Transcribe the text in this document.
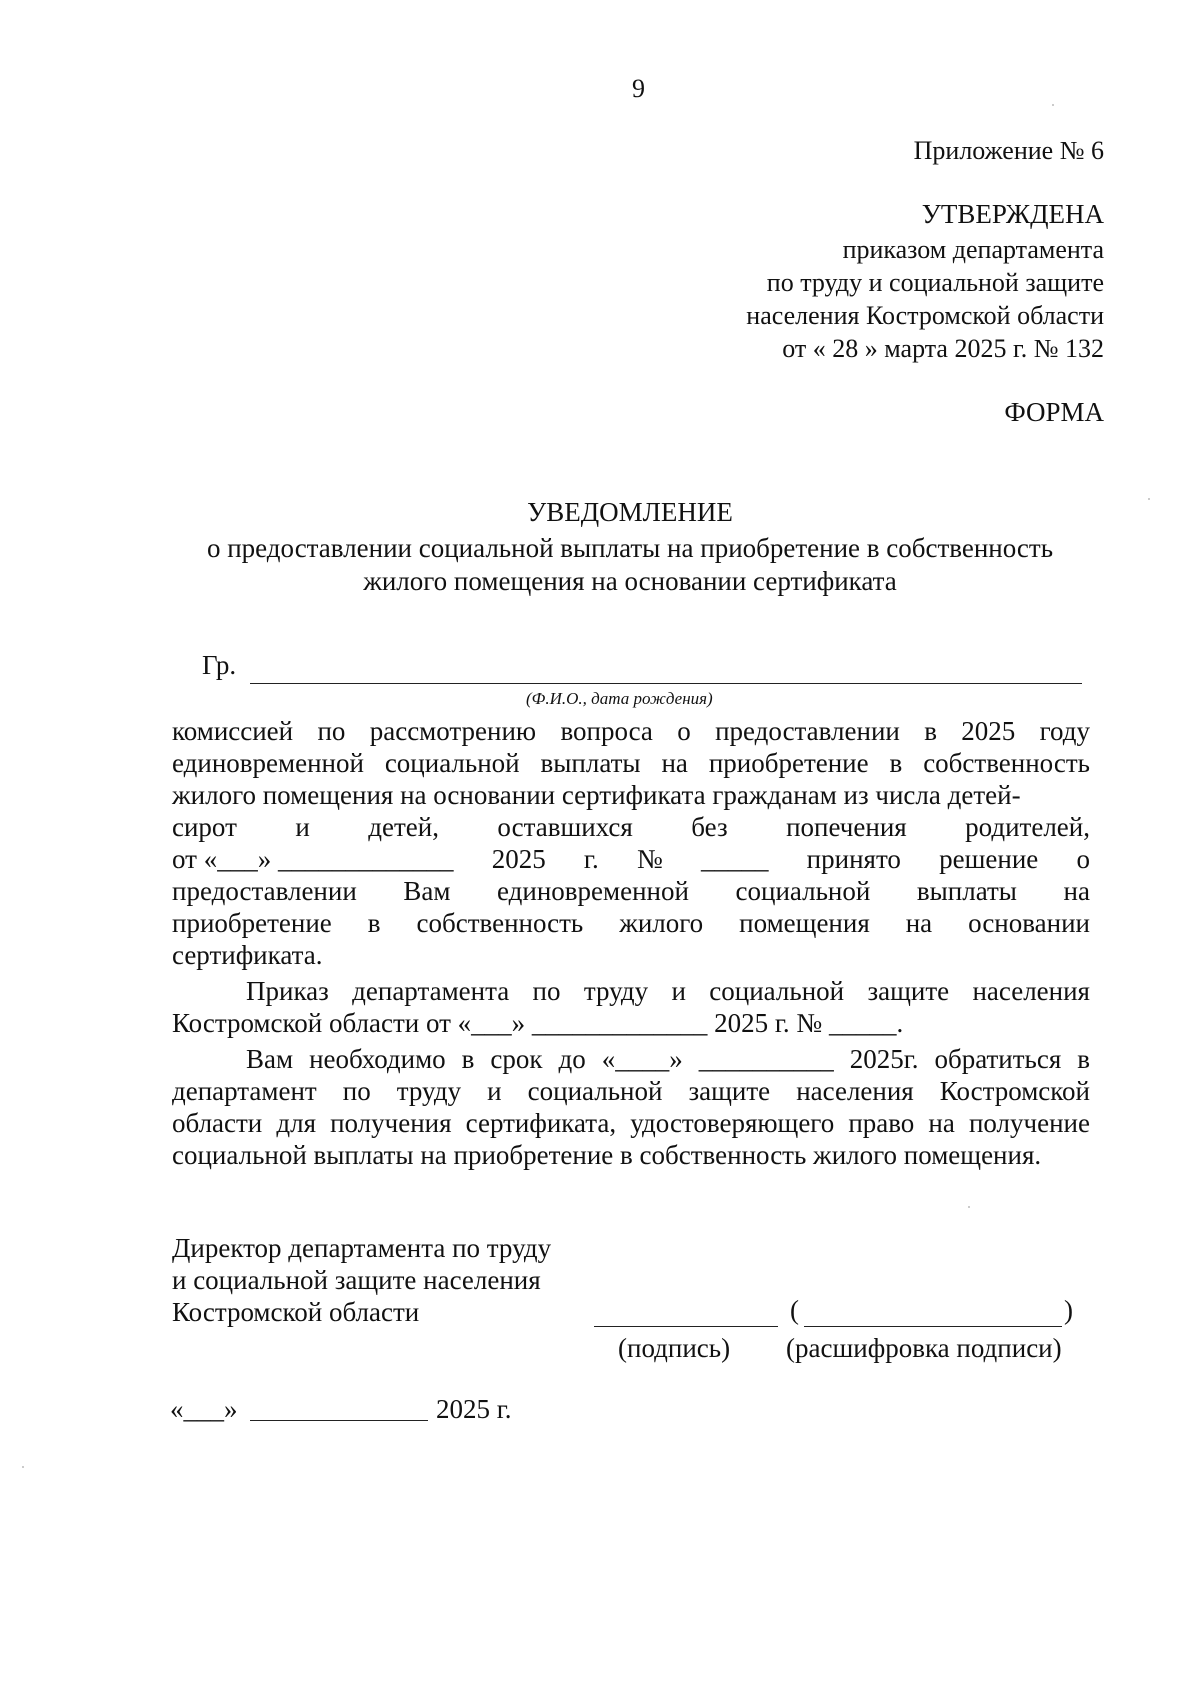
9
Приложение № 6
УТВЕРЖДЕНА
приказом департамента
по труду и социальной защите
населения Костромской области
от « 28 » марта 2025 г. № 132
ФОРМА
УВЕДОМЛЕНИЕ
о предоставлении социальной выплаты на приобретение в собственность
жилого помещения на основании сертификата
Гр.
(Ф.И.О., дата рождения)
комиссией по рассмотрению вопроса о предоставлении в 2025 году
единовременной социальной выплаты на приобретение в собственность
жилого помещения на основании сертификата гражданам из числа детей-
сирот и детей, оставшихся без попечения родителей,
от «___» _____________ 2025 г. № _____ принято решение о
предоставлении Вам единовременной социальной выплаты на
приобретение в собственность жилого помещения на основании
сертификата.
Приказ департамента по труду и социальной защите населения
Костромской области от «___» _____________ 2025 г. № _____.
Вам необходимо в срок до «____» __________ 2025г. обратиться в
департамент по труду и социальной защите населения Костромской
области для получения сертификата, удостоверяющего право на получение
социальной выплаты на приобретение в собственность жилого помещения.
Директор департамента по труду
и социальной защите населения
Костромской области
(подпись)
(	)
(расшифровка подписи)
«___»	2025 г.
